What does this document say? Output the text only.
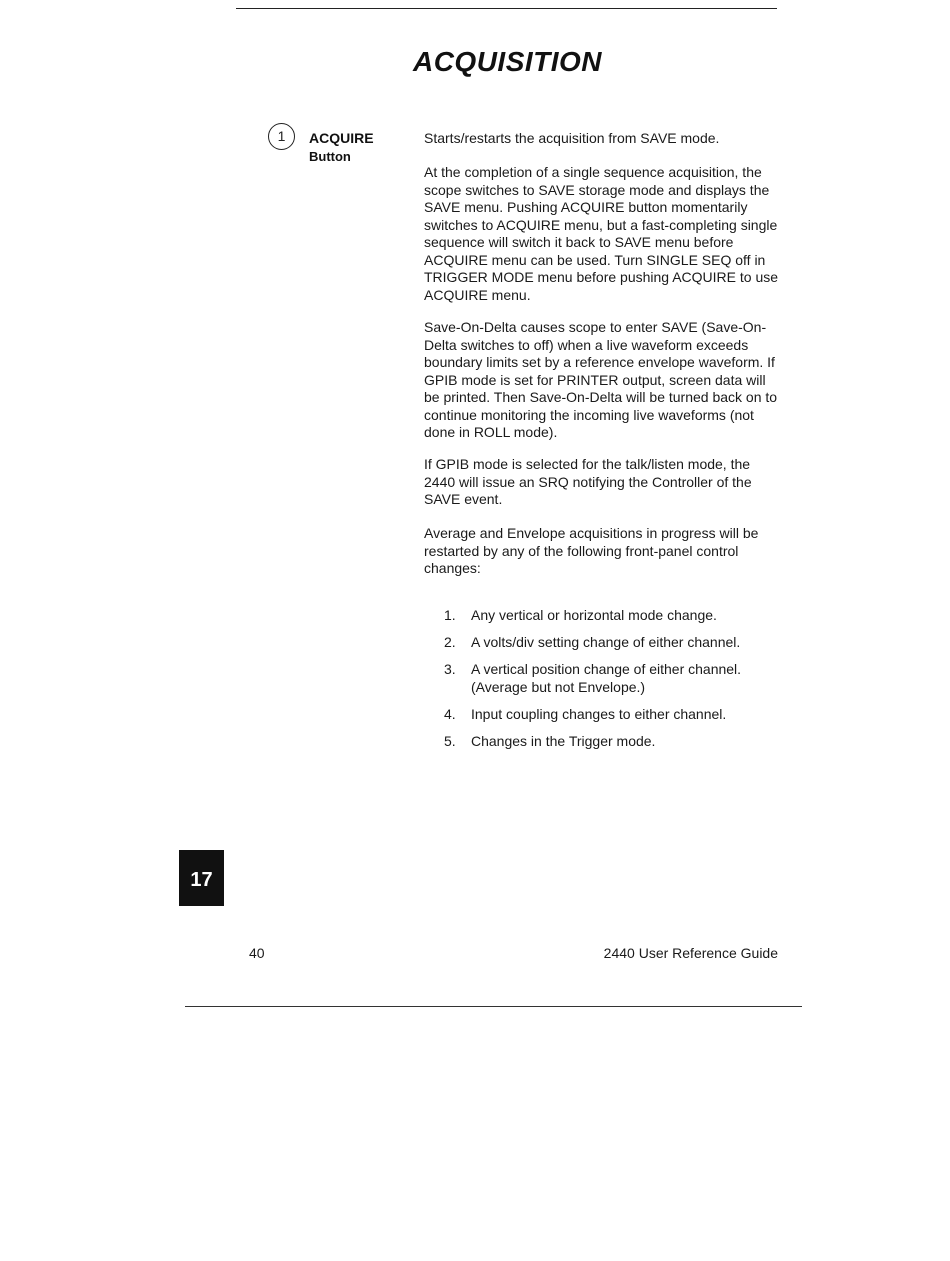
ACQUISITION
1	ACQUIRE
Button
Starts/restarts the acquisition from SAVE mode.
At the completion of a single sequence acquisition, the scope switches to SAVE storage mode and displays the SAVE menu. Pushing ACQUIRE button momentarily switches to ACQUIRE menu, but a fast-completing single sequence will switch it back to SAVE menu before ACQUIRE menu can be used. Turn SINGLE SEQ off in TRIGGER MODE menu before pushing ACQUIRE to use ACQUIRE menu.
Save-On-Delta causes scope to enter SAVE (Save-On-Delta switches to off) when a live waveform exceeds boundary limits set by a reference envelope waveform. If GPIB mode is set for PRINTER output, screen data will be printed. Then Save-On-Delta will be turned back on to continue monitoring the incoming live waveforms (not done in ROLL mode).
If GPIB mode is selected for the talk/listen mode, the 2440 will issue an SRQ notifying the Controller of the SAVE event.
Average and Envelope acquisitions in progress will be restarted by any of the following front-panel control changes:
1.	Any vertical or horizontal mode change.
2.	A volts/div setting change of either channel.
3.	A vertical position change of either channel. (Average but not Envelope.)
4.	Input coupling changes to either channel.
5.	Changes in the Trigger mode.
17
40	2440 User Reference Guide
